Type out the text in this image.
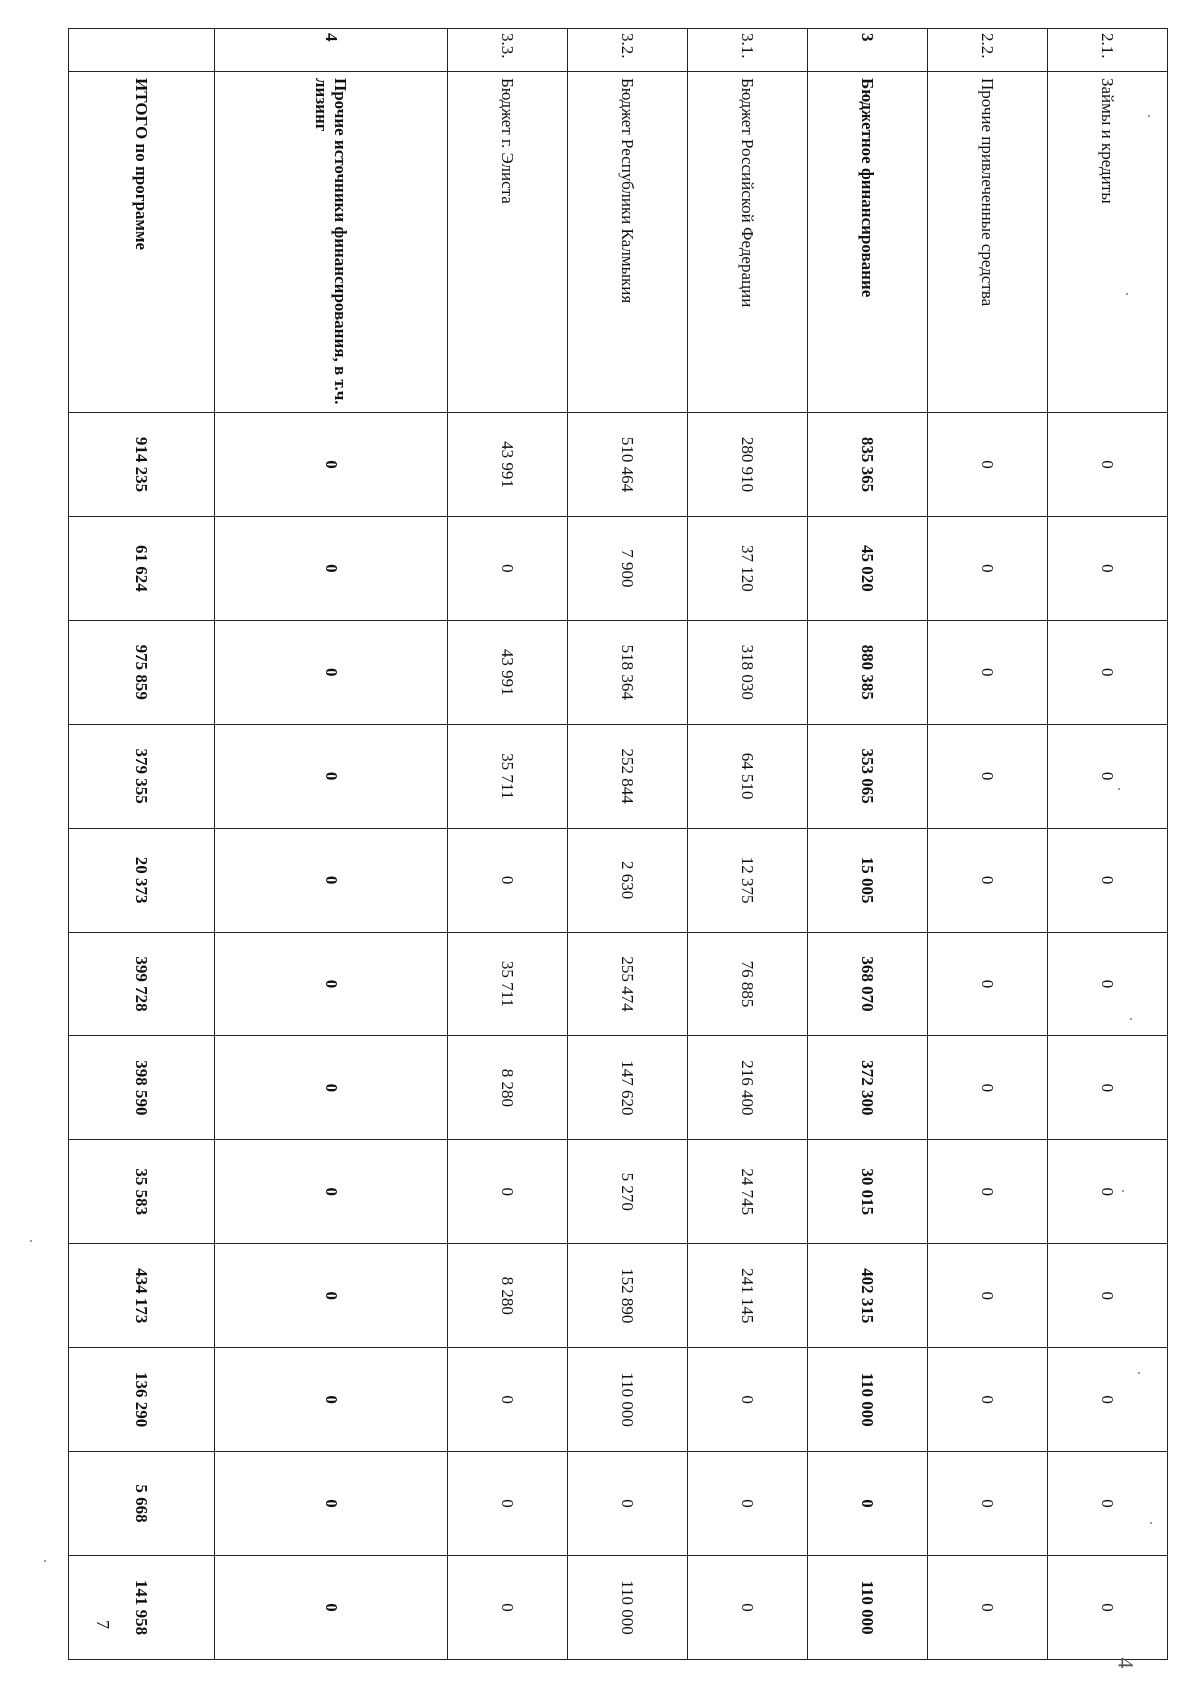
2.1.	Займы и кредиты	0	0	0	0	0	0	0	0	0	0	0	0
2.2.	Прочие привлеченные средства	0	0	0	0	0	0	0	0	0	0	0	0
3	Бюджетное финансирование	835 365	45 020	880 385	353 065	15 005	368 070	372 300	30 015	402 315	110 000	0	110 000
3.1.	Бюджет Российской Федерации	280 910	37 120	318 030	64 510	12 375	76 885	216 400	24 745	241 145	0	0	0
3.2.	Бюджет Республики Калмыкия	510 464	7 900	518 364	252 844	2 630	255 474	147 620	5 270	152 890	110 000	0	110 000
3.3.	Бюджет г. Элиста	43 991	0	43 991	35 711	0	35 711	8 280	0	8 280	0	0	0
4	Прочие источники финансирования, в т.ч. лизинг	0	0	0	0	0	0	0	0	0	0	0	0
	ИТОГО по программе	914 235	61 624	975 859	379 355	20 373	399 728	398 590	35 583	434 173	136 290	5 668	141 958
7
4
